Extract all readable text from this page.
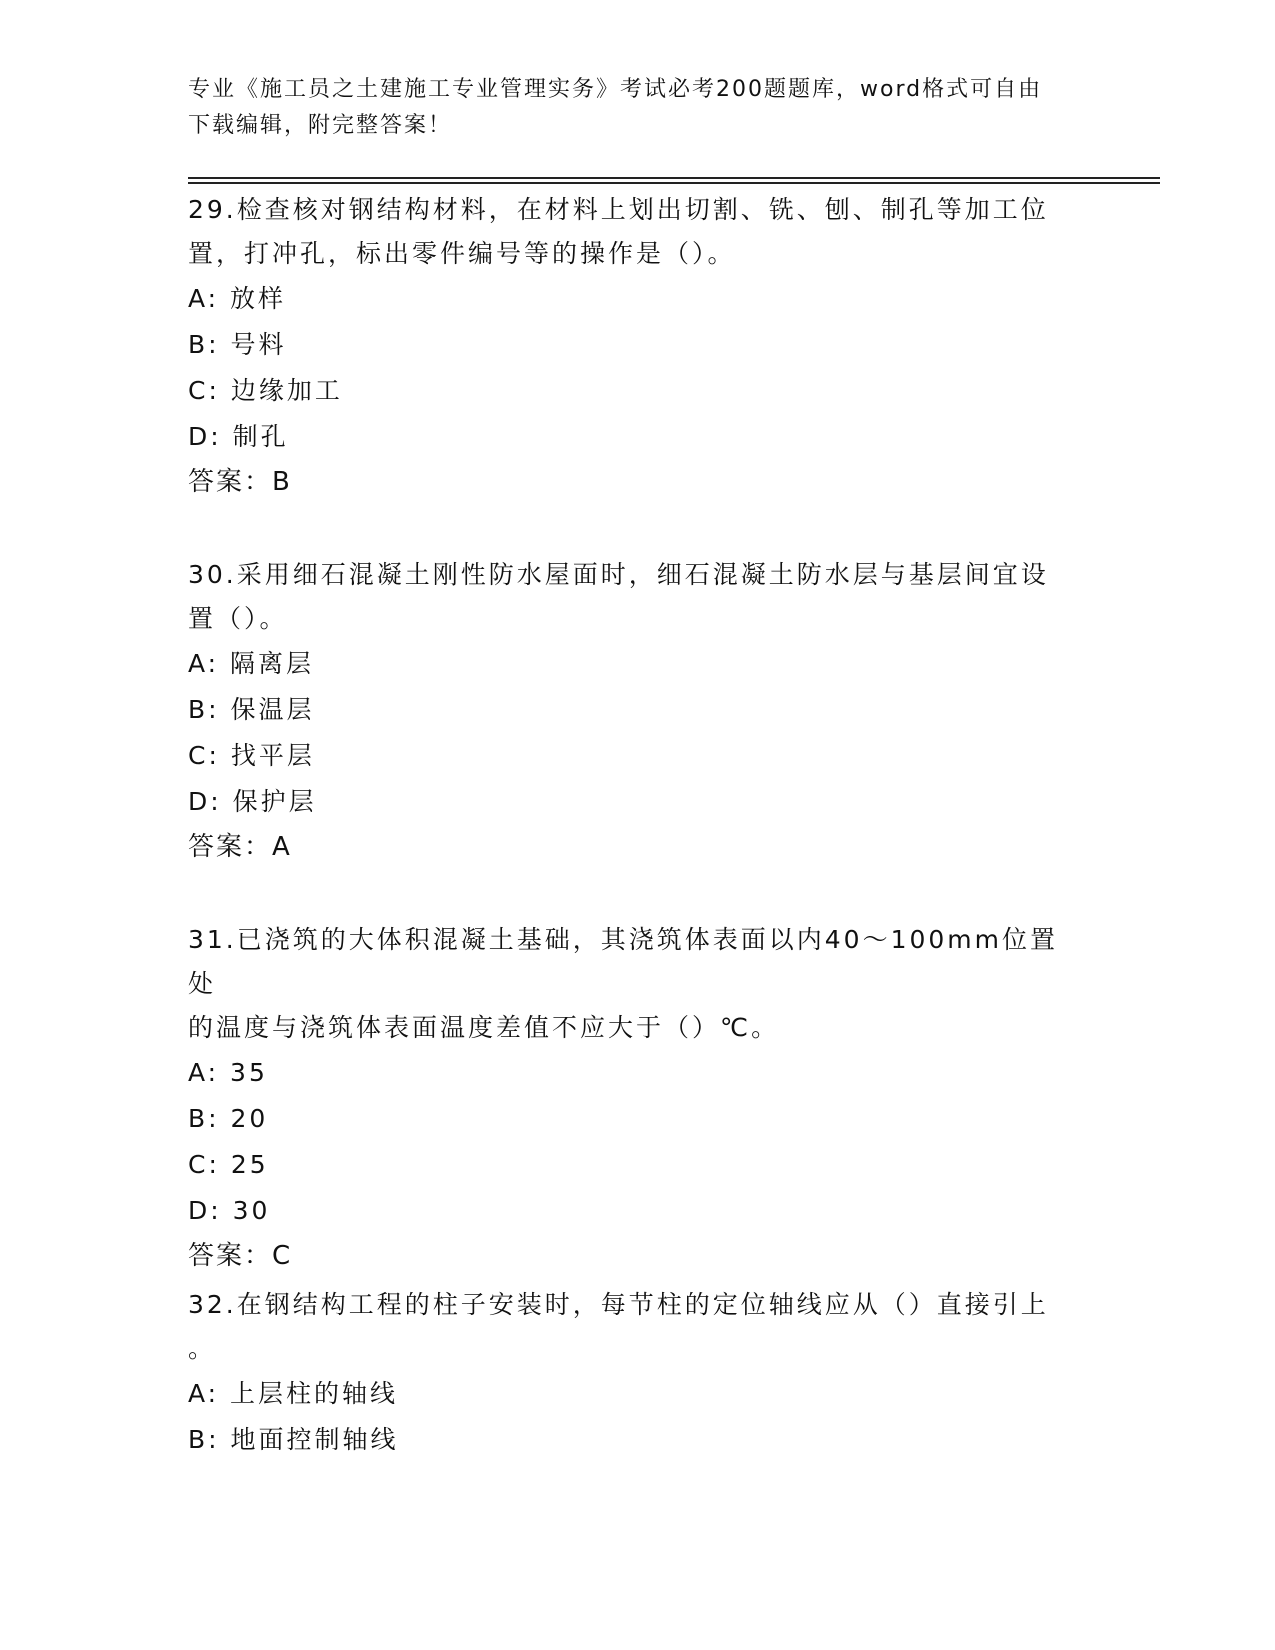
专业《施工员之土建施工专业管理实务》考试必考200题题库，word格式可自由
下载编辑，附完整答案！

29.检查核对钢结构材料，在材料上划出切割、铣、刨、制孔等加工位

置，打冲孔，标出零件编号等的操作是（）。

A: 放样

B: 号料

C: 边缘加工

D: 制孔

答案：B

30.采用细石混凝土刚性防水屋面时，细石混凝土防水层与基层间宜设

置（）。

A: 隔离层

B: 保温层

C: 找平层

D: 保护层

答案：A

31.已浇筑的大体积混凝土基础，其浇筑体表面以内40～100mm位置处

的温度与浇筑体表面温度差值不应大于（）℃。

A: 35

B: 20

C: 25

D: 30

答案：C

32.在钢结构工程的柱子安装时，每节柱的定位轴线应从（）直接引上

。

A: 上层柱的轴线

B: 地面控制轴线
